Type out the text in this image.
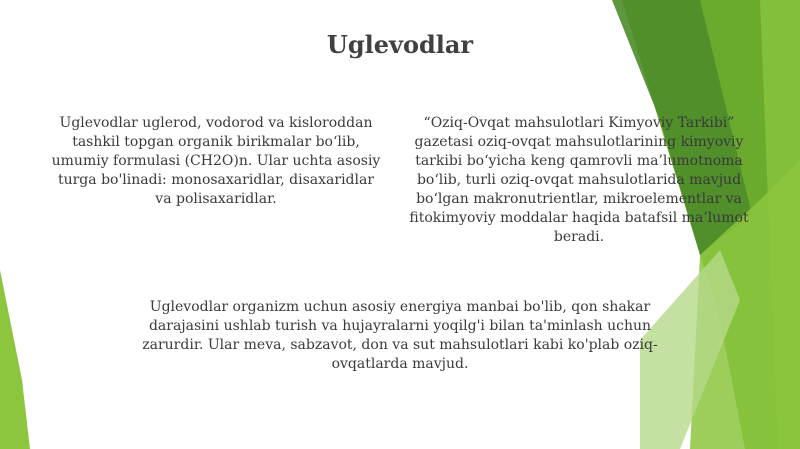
Uglevodlar
Uglevodlar uglerod, vodorod va kisloroddan tashkil topgan organik birikmalar bo‘lib, umumiy formulasi (CH2O)n. Ular uchta asosiy turga bo'linadi: monosaxaridlar, disaxaridlar va polisaxaridlar.
“Oziq-Ovqat mahsulotlari Kimyoviy Tarkibi” gazetasi oziq-ovqat mahsulotlarining kimyoviy tarkibi bo‘yicha keng qamrovli ma’lumotnoma bo‘lib, turli oziq-ovqat mahsulotlarida mavjud bo‘lgan makronutrientlar, mikroelementlar va fitokimyoviy moddalar haqida batafsil ma’lumot beradi.
Uglevodlar organizm uchun asosiy energiya manbai bo'lib, qon shakar darajasini ushlab turish va hujayralarni yoqilg'i bilan ta'minlash uchun zarurdir. Ular meva, sabzavot, don va sut mahsulotlari kabi ko'plab oziq-ovqatlarda mavjud.
